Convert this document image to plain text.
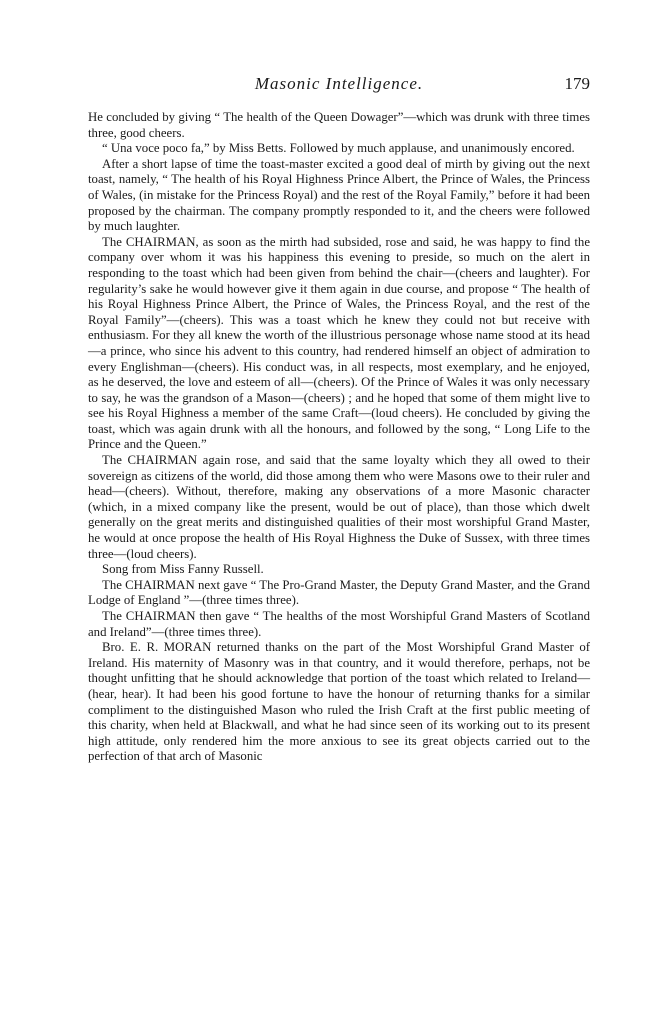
Masonic Intelligence.	179

He concluded by giving “ The health of the Queen Dowager”—which was drunk with three times three, good cheers.

“ Una voce poco fa,” by Miss Betts. Followed by much applause, and unanimously encored.

After a short lapse of time the toast-master excited a good deal of mirth by giving out the next toast, namely, “ The health of his Royal Highness Prince Albert, the Prince of Wales, the Princess of Wales, (in mistake for the Princess Royal) and the rest of the Royal Family,” before it had been proposed by the chairman. The company promptly responded to it, and the cheers were followed by much laughter.

The CHAIRMAN, as soon as the mirth had subsided, rose and said, he was happy to find the company over whom it was his happiness this evening to preside, so much on the alert in responding to the toast which had been given from behind the chair—(cheers and laughter). For regularity’s sake he would however give it them again in due course, and propose “ The health of his Royal Highness Prince Albert, the Prince of Wales, the Princess Royal, and the rest of the Royal Family”—(cheers). This was a toast which he knew they could not but receive with enthusiasm. For they all knew the worth of the illustrious personage whose name stood at its head—a prince, who since his advent to this country, had rendered himself an object of admiration to every Englishman—(cheers). His conduct was, in all respects, most exemplary, and he enjoyed, as he deserved, the love and esteem of all—(cheers). Of the Prince of Wales it was only necessary to say, he was the grandson of a Mason—(cheers) ; and he hoped that some of them might live to see his Royal Highness a member of the same Craft—(loud cheers). He concluded by giving the toast, which was again drunk with all the honours, and followed by the song, “ Long Life to the Prince and the Queen.”

The CHAIRMAN again rose, and said that the same loyalty which they all owed to their sovereign as citizens of the world, did those among them who were Masons owe to their ruler and head—(cheers). Without, therefore, making any observations of a more Masonic character (which, in a mixed company like the present, would be out of place), than those which dwelt generally on the great merits and distinguished qualities of their most worshipful Grand Master, he would at once propose the health of His Royal Highness the Duke of Sussex, with three times three—(loud cheers).

Song from Miss Fanny Russell.

The CHAIRMAN next gave “ The Pro-Grand Master, the Deputy Grand Master, and the Grand Lodge of England ”—(three times three).

The CHAIRMAN then gave “ The healths of the most Worshipful Grand Masters of Scotland and Ireland”—(three times three).

Bro. E. R. MORAN returned thanks on the part of the Most Worshipful Grand Master of Ireland. His maternity of Masonry was in that country, and it would therefore, perhaps, not be thought unfitting that he should acknowledge that portion of the toast which related to Ireland—(hear, hear). It had been his good fortune to have the honour of returning thanks for a similar compliment to the distinguished Mason who ruled the Irish Craft at the first public meeting of this charity, when held at Blackwall, and what he had since seen of its working out to its present high attitude, only rendered him the more anxious to see its great objects carried out to the perfection of that arch of Masonic
